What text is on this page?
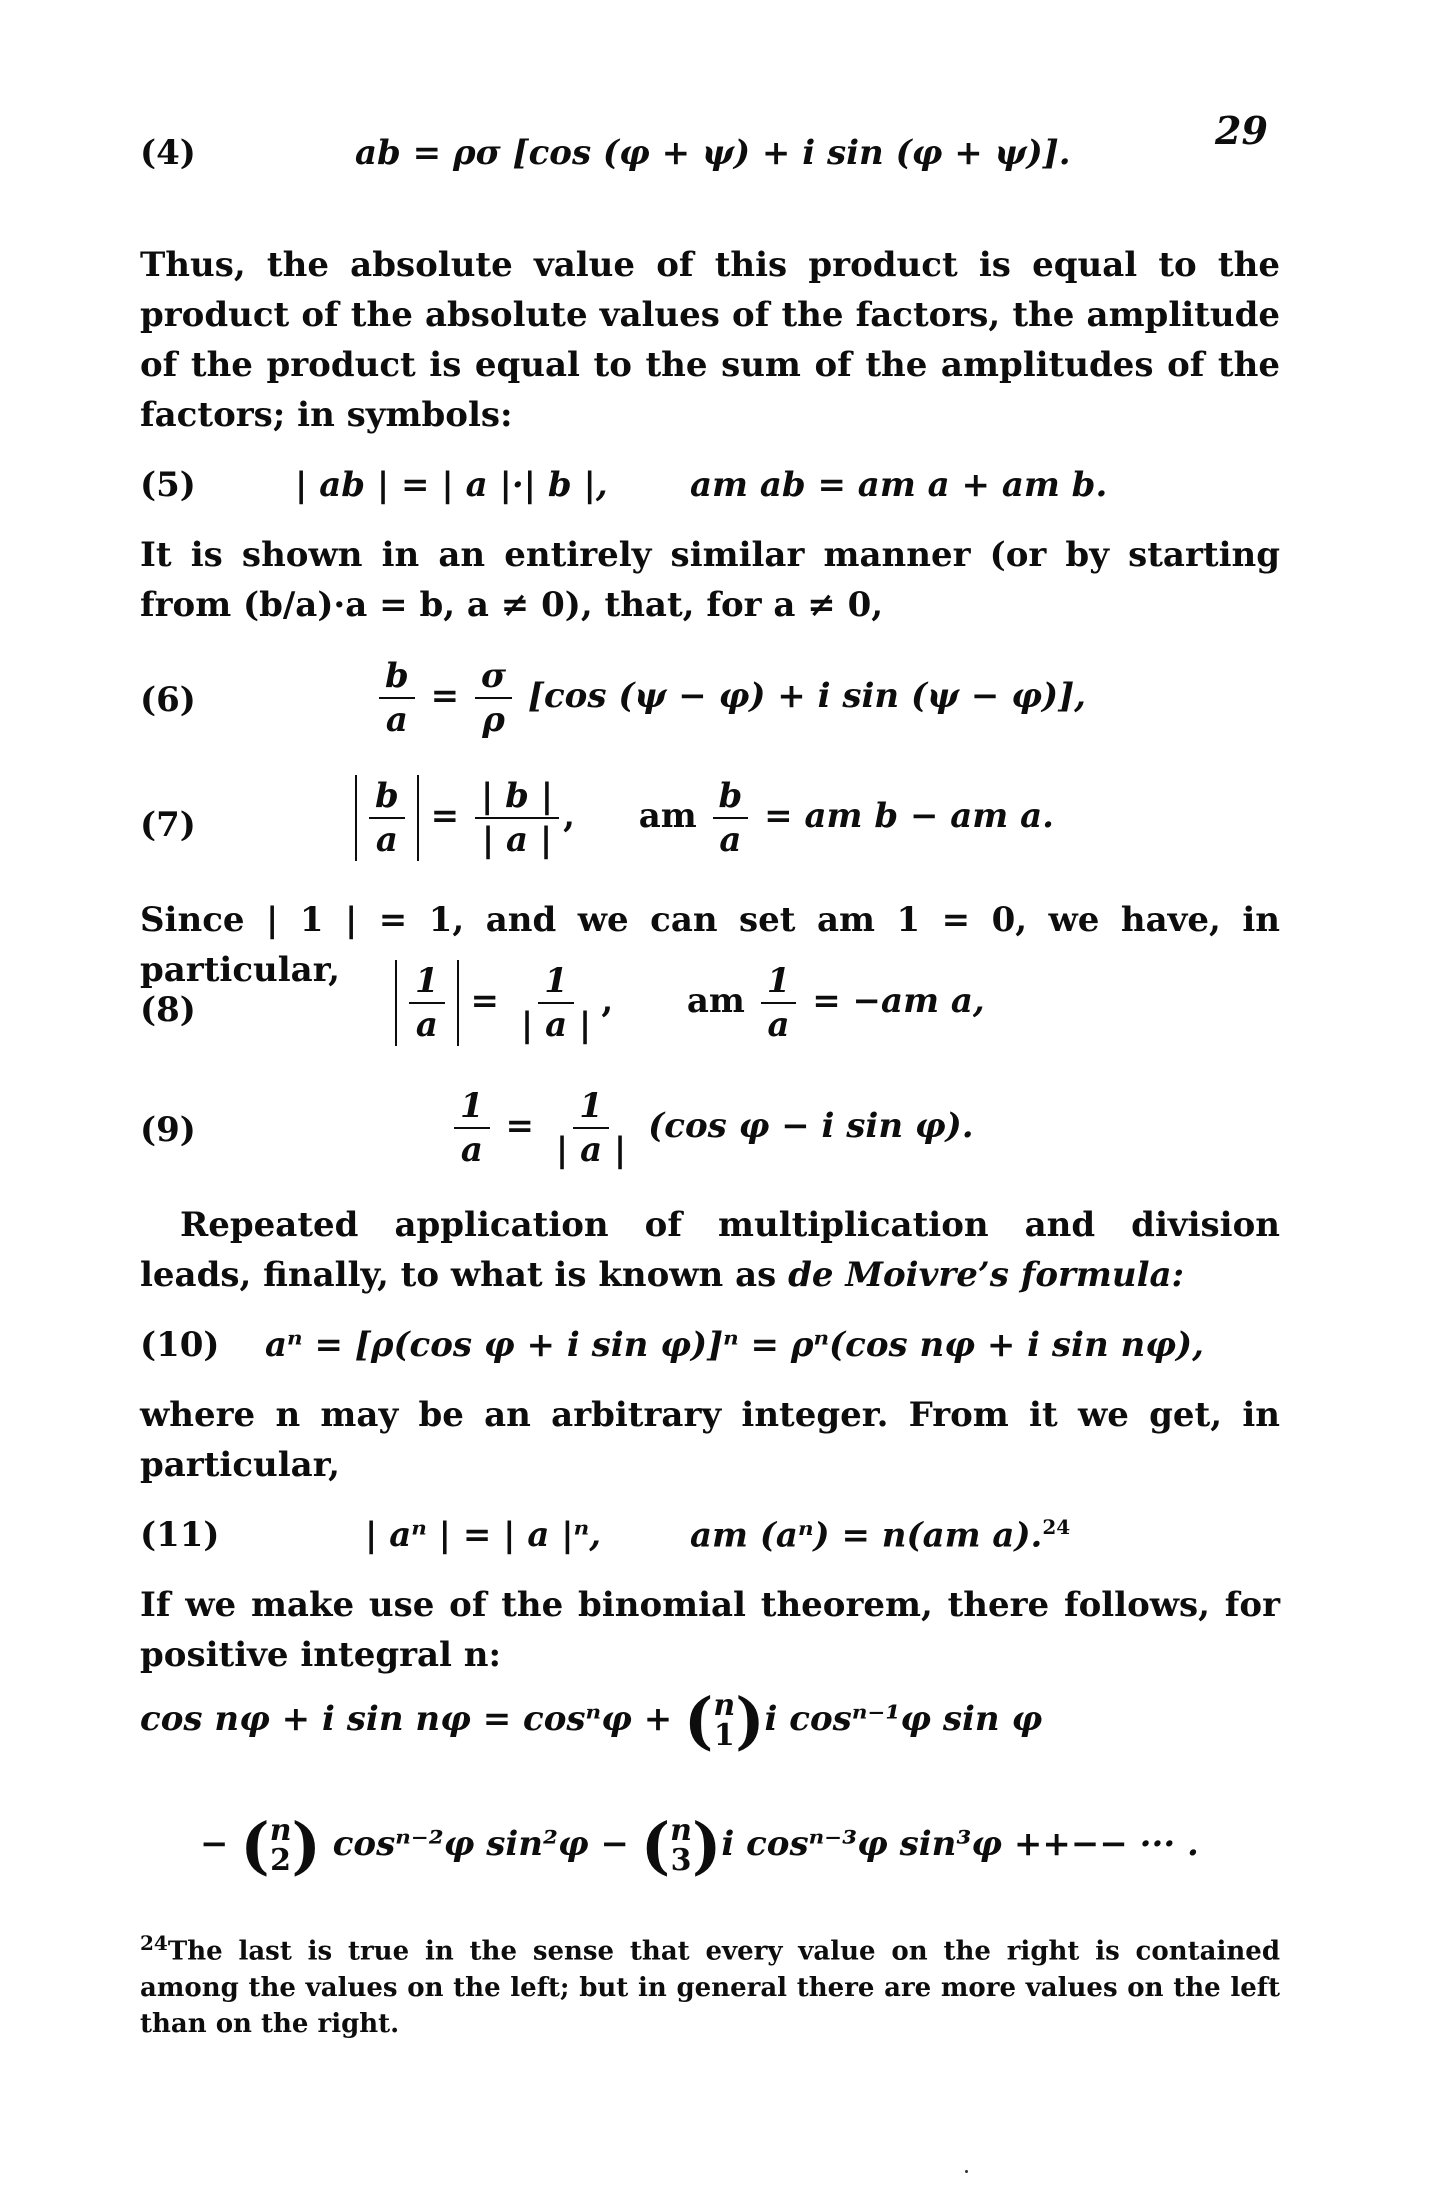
29
(4)	ab = ρσ [cos (φ + ψ) + i sin (φ + ψ)].
Thus, the absolute value of this product is equal to the product of the absolute values of the factors, the amplitude of the product is equal to the sum of the amplitudes of the factors; in symbols:
(5)	| ab | = | a |·| b |, am ab = am a + am b.
It is shown in an entirely similar manner (or by starting from (b/a)·a = b, a ≠ 0), that, for a ≠ 0,
(6)	$\frac{b}{a} = \frac{\sigma}{\rho} [\cos$ (ψ − φ) + i sin (ψ − φ)],
(7)	$\frac{b}{a} = \frac{| b |}{| a |}$ , am $\frac{b}{a}$ = am b − am a.
Since | 1 | = 1, and we can set am 1 = 0, we have, in particular,
(8)	$\frac{1}{a} = \frac{1}{| a |}$ , am $\frac{1}{a} = -am$ a,
(9)	$\frac{1}{a} = \frac{1}{| a |} (\cos$ φ − i sin φ).
Repeated application of multiplication and division leads, finally, to what is known as de Moivre’s formula:
(10) aⁿ = [ρ(cos φ + i sin φ)]ⁿ = ρⁿ(cos nφ + i sin nφ),
where n may be an arbitrary integer. From it we get, in particular,
(11)	| aⁿ | = | a |ⁿ,	am (aⁿ) = n(am a).$^{24}$
If we make use of the binomial theorem, there follows, for positive integral n:
cos nφ + i sin nφ = cosⁿφ + ( n
1 ) i cosⁿ⁻¹φ sin φ
− ( n
2 ) cosⁿ⁻²φ sin²φ − ( n
3 ) i cosⁿ⁻³φ sin³φ ++−− ··· .
$^{24}$The last is true in the sense that every value on the right is contained among the values on the left; but in general there are more values on the left than on the right.
